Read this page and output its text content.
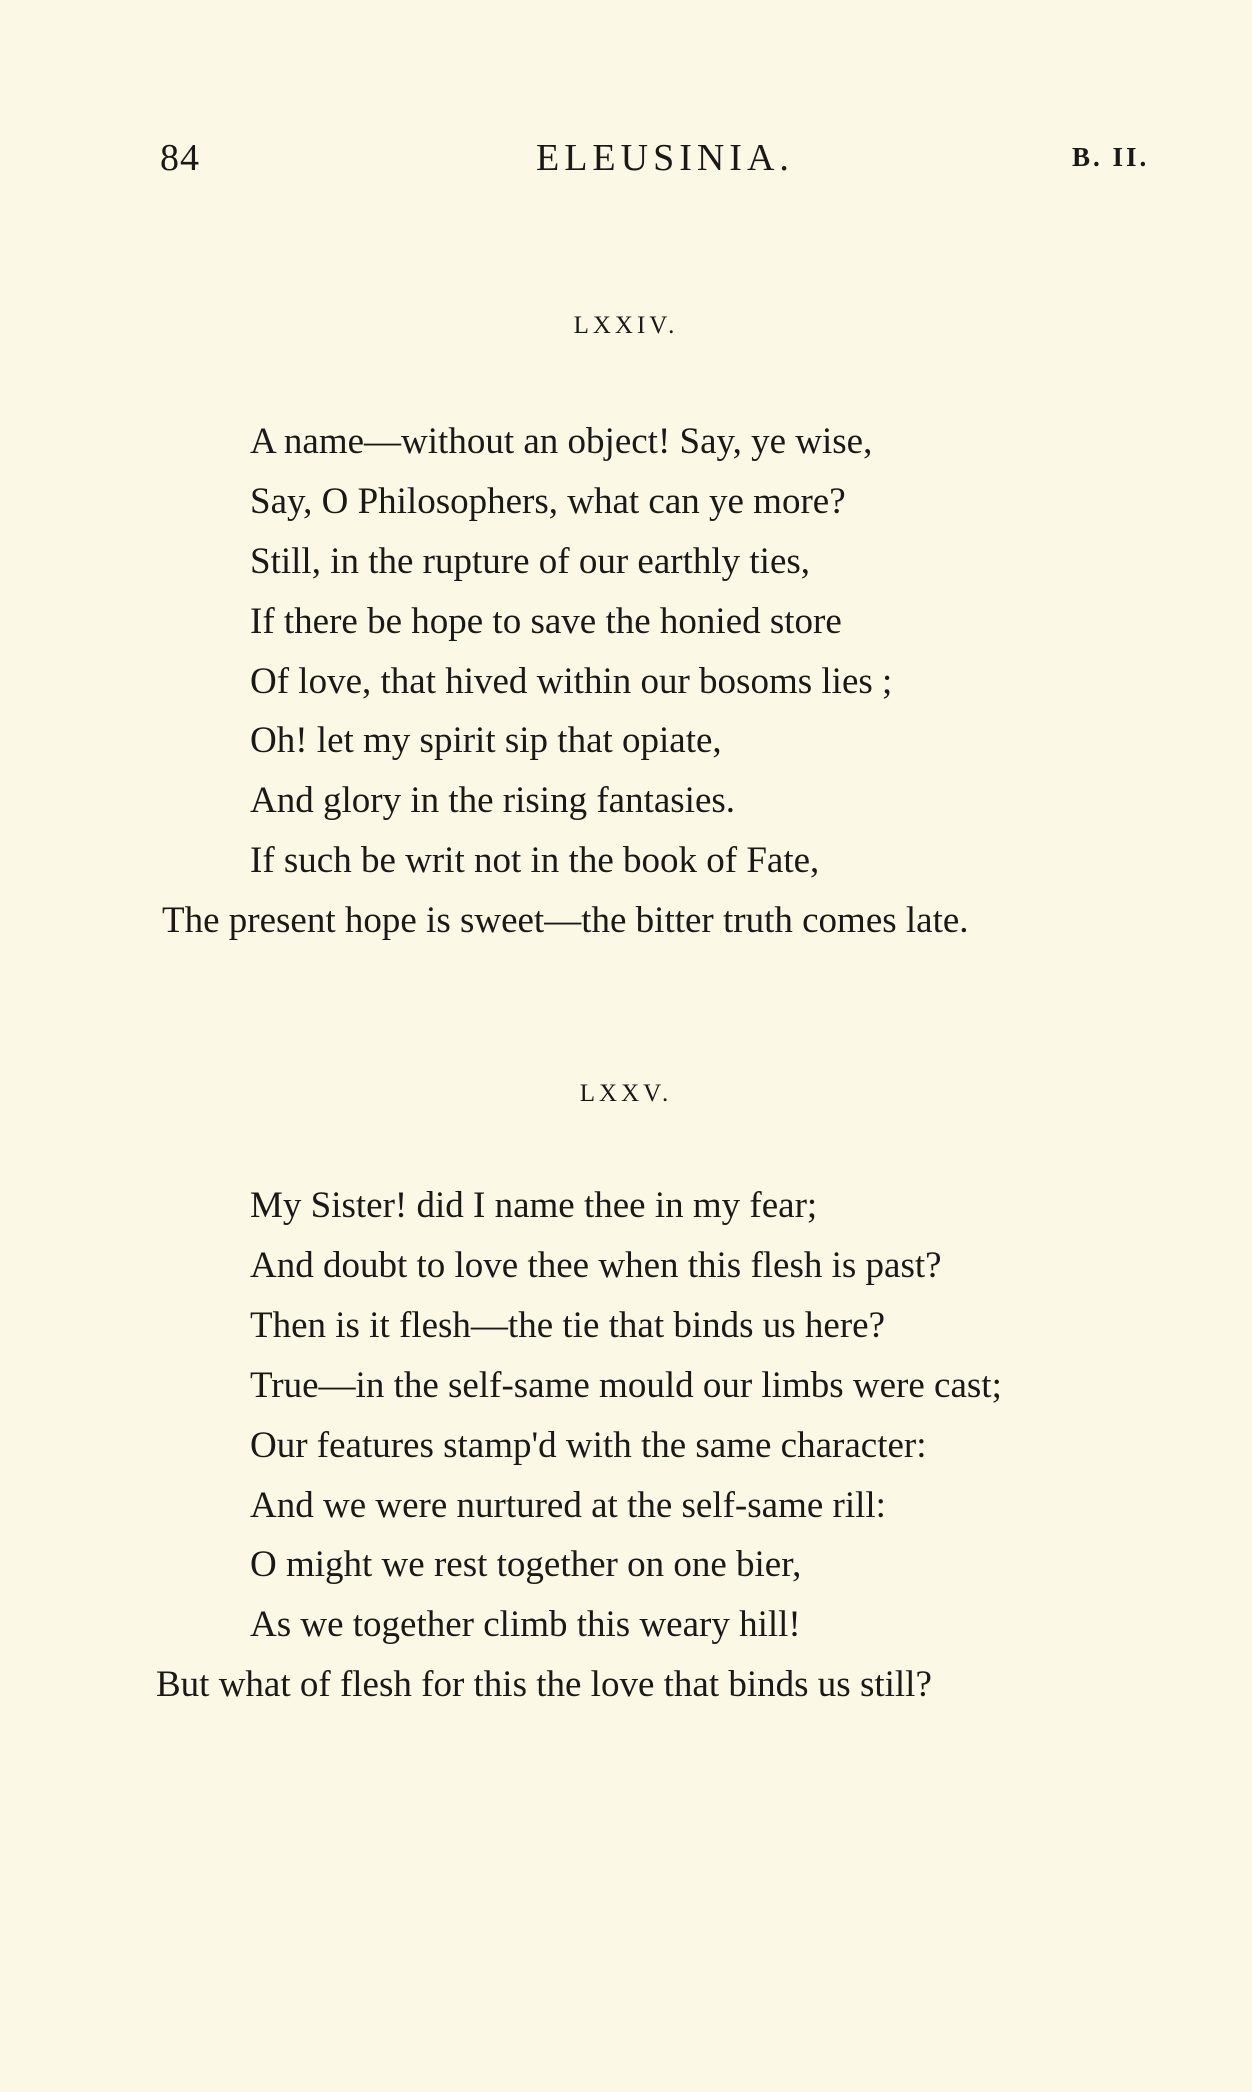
84	ELEUSINIA.	B. II.
LXXIV.
A name—without an object! Say, ye wise,
Say, O Philosophers, what can ye more?
Still, in the rupture of our earthly ties,
If there be hope to save the honied store
Of love, that hived within our bosoms lies ;
Oh! let my spirit sip that opiate,
And glory in the rising fantasies.
If such be writ not in the book of Fate,
The present hope is sweet—the bitter truth comes late.
LXXV.
My Sister! did I name thee in my fear;
And doubt to love thee when this flesh is past?
Then is it flesh—the tie that binds us here?
True—in the self-same mould our limbs were cast;
Our features stamp'd with the same character:
And we were nurtured at the self-same rill:
O might we rest together on one bier,
As we together climb this weary hill!
But what of flesh for this the love that binds us still?
